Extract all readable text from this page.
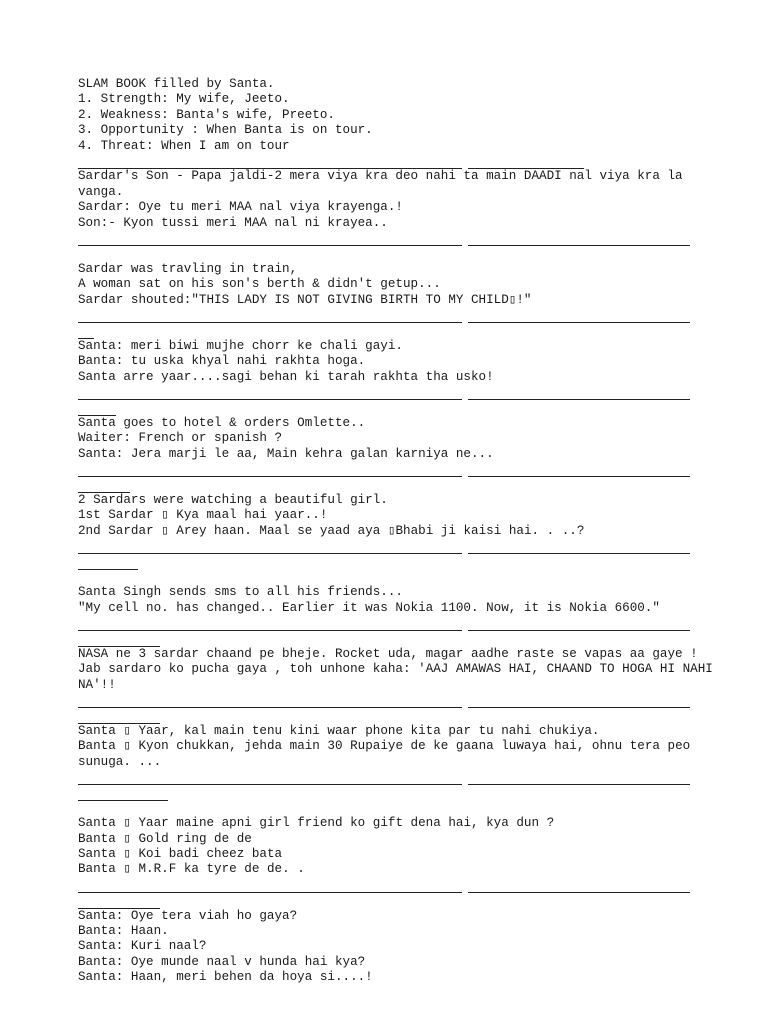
SLAM BOOK filled by Santa.
1. Strength: My wife, Jeeto.
2. Weakness: Banta's wife, Preeto.
3. Opportunity : When Banta is on tour.
4. Threat: When I am on tour
Sardar's Son - Papa jaldi-2 mera viya kra deo nahi ta main DAADI nal viya kra la vanga.
Sardar: Oye tu meri MAA nal viya krayenga.!
Son:- Kyon tussi meri MAA nal ni krayea..
Sardar was travling in train,
A woman sat on his son's berth & didn't getup...
Sardar shouted:"THIS LADY IS NOT GIVING BIRTH TO MY CHILD▯!"
Santa: meri biwi mujhe chorr ke chali gayi.
Banta: tu uska khyal nahi rakhta hoga.
Santa arre yaar....sagi behan ki tarah rakhta tha usko!
Santa goes to hotel & orders Omlette..
Waiter: French or spanish ?
Santa: Jera marji le aa, Main kehra galan karniya ne...
2 Sardars were watching a beautiful girl.
1st Sardar ▯ Kya maal hai yaar..!
2nd Sardar ▯ Arey haan. Maal se yaad aya ▯Bhabi ji kaisi hai. . ..?
Santa Singh sends sms to all his friends...
"My cell no. has changed.. Earlier it was Nokia 1100. Now, it is Nokia 6600."
NASA ne 3 sardar chaand pe bheje. Rocket uda, magar aadhe raste se vapas aa gaye !
Jab sardaro ko pucha gaya , toh unhone kaha: 'AAJ AMAWAS HAI, CHAAND TO HOGA HI NAHI NA'!!
Santa ▯ Yaar, kal main tenu kini waar phone kita par tu nahi chukiya.
Banta ▯ Kyon chukkan, jehda main 30 Rupaiye de ke gaana luwaya hai, ohnu tera peo sunuga. ...
Santa ▯ Yaar maine apni girl friend ko gift dena hai, kya dun ?
Banta ▯ Gold ring de de
Santa ▯ Koi badi cheez bata
Banta ▯ M.R.F ka tyre de de. .
Santa: Oye tera viah ho gaya?
Banta: Haan.
Santa: Kuri naal?
Banta: Oye munde naal v hunda hai kya?
Santa: Haan, meri behen da hoya si....!
